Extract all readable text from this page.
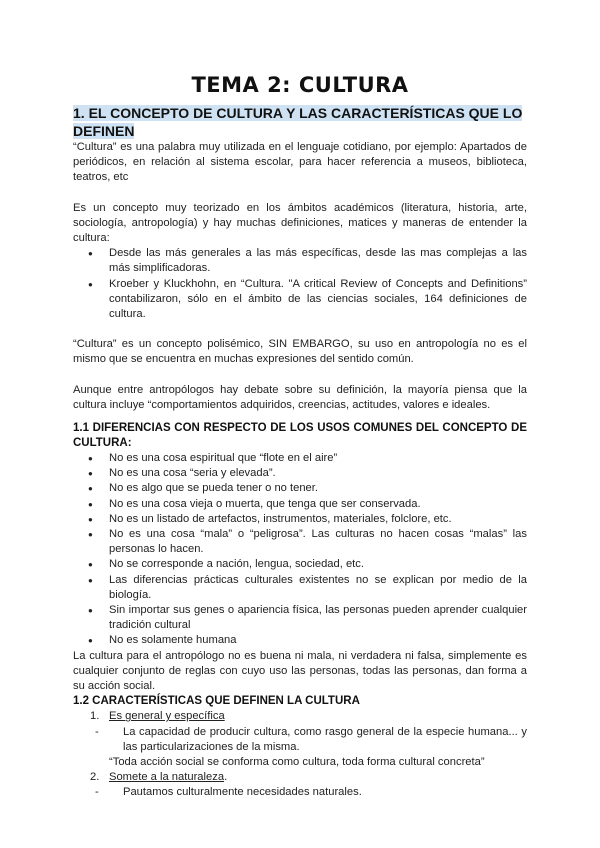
TEMA 2: CULTURA
1. EL CONCEPTO DE CULTURA Y LAS CARACTERÍSTICAS QUE LO DEFINEN

“Cultura” es una palabra muy utilizada en el lenguaje cotidiano, por ejemplo: Apartados de periódicos, en relación al sistema escolar, para hacer referencia a museos, biblioteca, teatros, etc

Es un concepto muy teorizado en los ámbitos académicos (literatura, historia, arte, sociología, antropología) y hay muchas definiciones, matices y maneras de entender la cultura:

● Desde las más generales a las más específicas, desde las mas complejas a las más simplificadoras.
● Kroeber y Kluckhohn, en “Cultura. "A critical Review of Concepts and Definitions” contabilizaron, sólo en el ámbito de las ciencias sociales, 164 definiciones de cultura.

“Cultura” es un concepto polisémico, SIN EMBARGO, su uso en antropología no es el mismo que se encuentra en muchas expresiones del sentido común.

Aunque entre antropólogos hay debate sobre su definición, la mayoría piensa que la cultura incluye “comportamientos adquiridos, creencias, actitudes, valores e ideales.

1.1 DIFERENCIAS CON RESPECTO DE LOS USOS COMUNES DEL CONCEPTO DE CULTURA:
● No es una cosa espiritual que “flote en el aire”
● No es una cosa “seria y elevada”.
● No es algo que se pueda tener o no tener.
● No es una cosa vieja o muerta, que tenga que ser conservada.
● No es un listado de artefactos, instrumentos, materiales, folclore, etc.
● No es una cosa “mala” o “peligrosa”. Las culturas no hacen cosas “malas” las personas lo hacen.
● No se corresponde a nación, lengua, sociedad, etc.
● Las diferencias prácticas culturales existentes no se explican por medio de la biología.
● Sin importar sus genes o apariencia física, las personas pueden aprender cualquier tradición cultural
● No es solamente humana

La cultura para el antropólogo no es buena ni mala, ni verdadera ni falsa, simplemente es cualquier conjunto de reglas con cuyo uso las personas, todas las personas, dan forma a su acción social.

1.2 CARACTERÍSTICAS QUE DEFINEN LA CULTURA
1. Es general y específica
- La capacidad de producir cultura, como rasgo general de la especie humana... y las particularizaciones de la misma.
“Toda acción social se conforma como cultura, toda forma cultural concreta”
2. Somete a la naturaleza.
- Pautamos culturalmente necesidades naturales.
